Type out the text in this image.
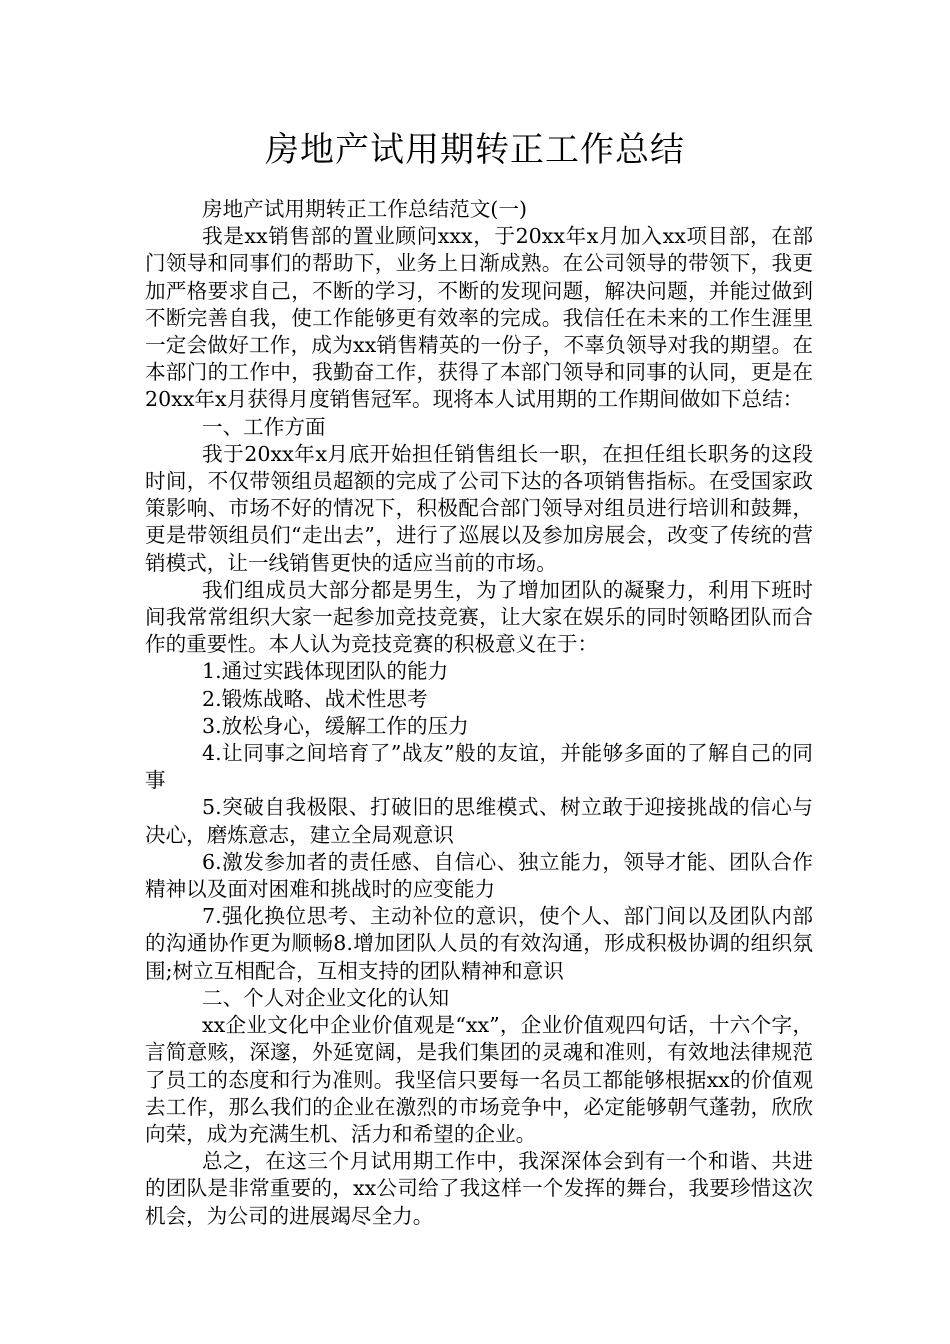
房地产试用期转正工作总结

房地产试用期转正工作总结范文(一)

我是xx销售部的置业顾问xxx，于20xx年x月加入xx项目部，在部门领导和同事们的帮助下，业务上日渐成熟。在公司领导的带领下，我更加严格要求自己，不断的学习，不断的发现问题，解决问题，并能过做到不断完善自我，使工作能够更有效率的完成。我信任在未来的工作生涯里一定会做好工作，成为xx销售精英的一份子，不辜负领导对我的期望。在本部门的工作中，我勤奋工作，获得了本部门领导和同事的认同，更是在20xx年x月获得月度销售冠军。现将本人试用期的工作期间做如下总结：

一、工作方面

我于20xx年x月底开始担任销售组长一职，在担任组长职务的这段时间，不仅带领组员超额的完成了公司下达的各项销售指标。在受国家政策影响、市场不好的情况下，积极配合部门领导对组员进行培训和鼓舞，更是带领组员们“走出去”，进行了巡展以及参加房展会，改变了传统的营销模式，让一线销售更快的适应当前的市场。

我们组成员大部分都是男生，为了增加团队的凝聚力，利用下班时间我常常组织大家一起参加竞技竞赛，让大家在娱乐的同时领略团队而合作的重要性。本人认为竞技竞赛的积极意义在于：

1.通过实践体现团队的能力

2.锻炼战略、战术性思考

3.放松身心，缓解工作的压力

4.让同事之间培育了”战友”般的友谊，并能够多面的了解自己的同事

5.突破自我极限、打破旧的思维模式、树立敢于迎接挑战的信心与决心，磨炼意志，建立全局观意识

6.激发参加者的责任感、自信心、独立能力，领导才能、团队合作精神以及面对困难和挑战时的应变能力

7.强化换位思考、主动补位的意识，使个人、部门间以及团队内部的沟通协作更为顺畅8.增加团队人员的有效沟通，形成积极协调的组织氛围;树立互相配合，互相支持的团队精神和意识

二、个人对企业文化的认知

xx企业文化中企业价值观是“xx”，企业价值观四句话，十六个字，言简意赅，深邃，外延宽阔，是我们集团的灵魂和准则，有效地法律规范了员工的态度和行为准则。我坚信只要每一名员工都能够根据xx的价值观去工作，那么我们的企业在激烈的市场竞争中，必定能够朝气蓬勃，欣欣向荣，成为充满生机、活力和希望的企业。

总之，在这三个月试用期工作中，我深深体会到有一个和谐、共进的团队是非常重要的，xx公司给了我这样一个发挥的舞台，我要珍惜这次机会，为公司的进展竭尽全力。
